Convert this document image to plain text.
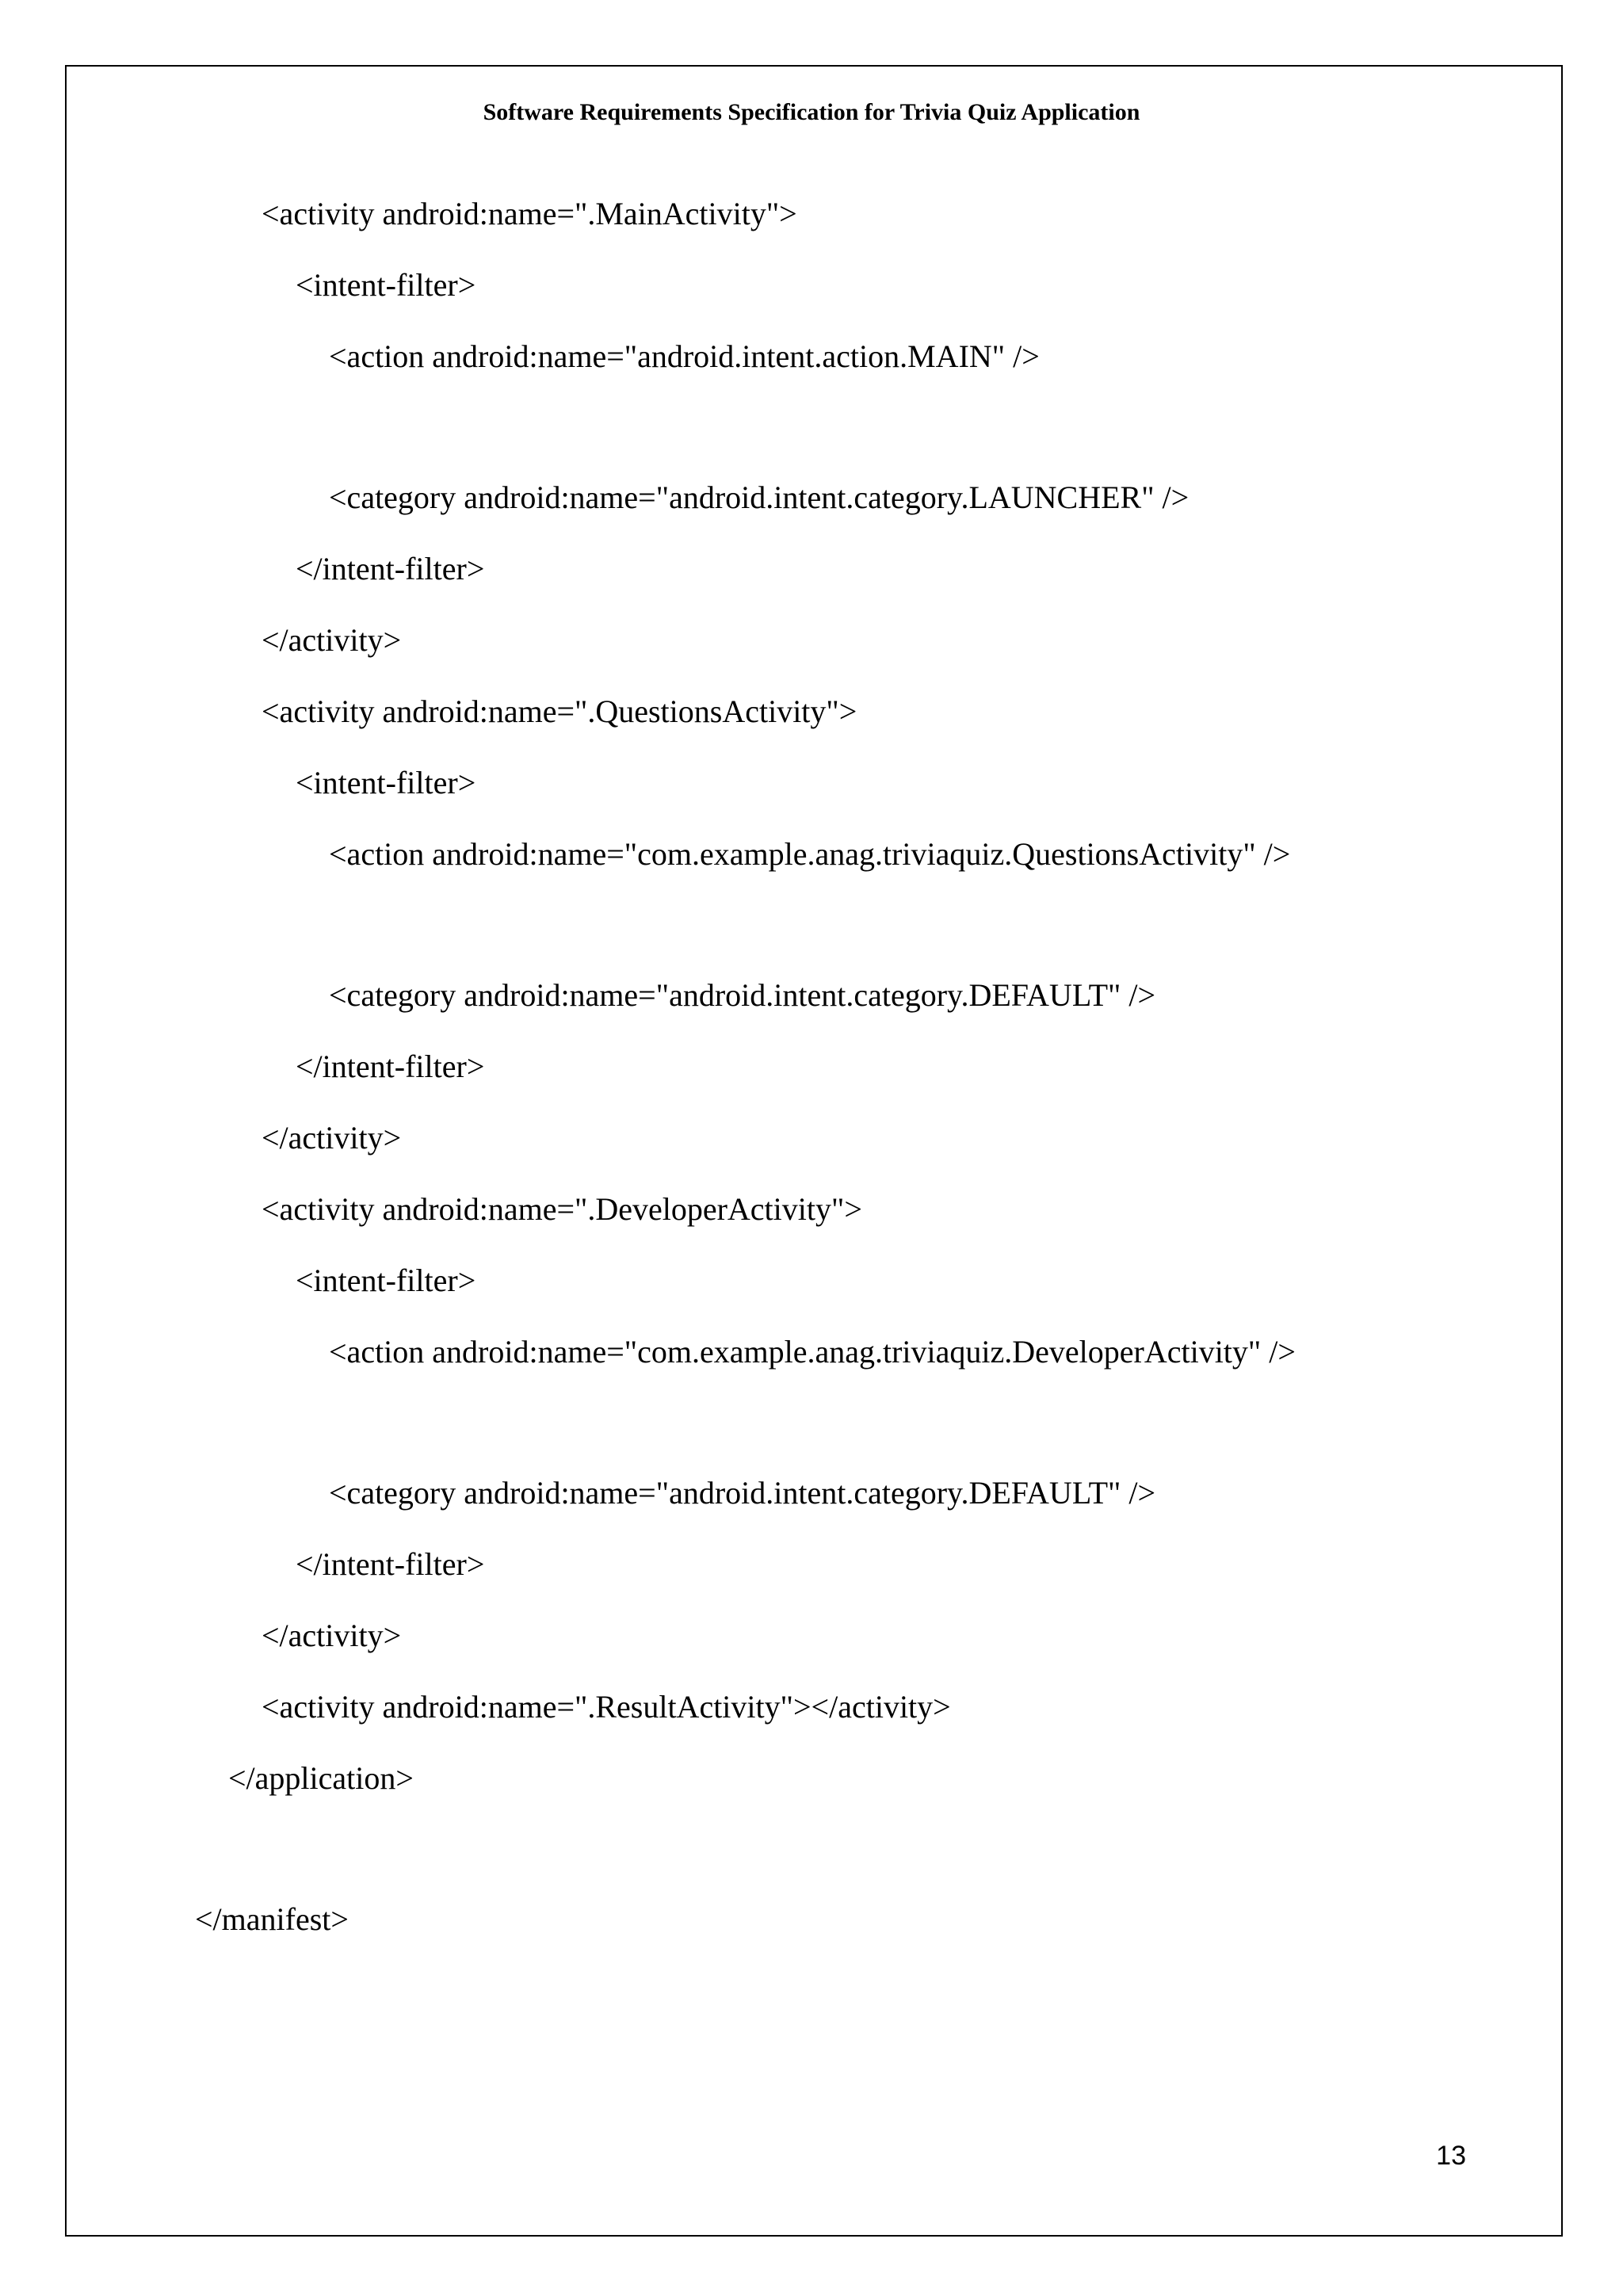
Software Requirements Specification for Trivia Quiz Application
<activity android:name=".MainActivity">
<intent-filter>
<action android:name="android.intent.action.MAIN" />
<category android:name="android.intent.category.LAUNCHER" />
</intent-filter>
</activity>
<activity android:name=".QuestionsActivity">
<intent-filter>
<action android:name="com.example.anag.triviaquiz.QuestionsActivity" />
<category android:name="android.intent.category.DEFAULT" />
</intent-filter>
</activity>
<activity android:name=".DeveloperActivity">
<intent-filter>
<action android:name="com.example.anag.triviaquiz.DeveloperActivity" />
<category android:name="android.intent.category.DEFAULT" />
</intent-filter>
</activity>
<activity android:name=".ResultActivity"></activity>
</application>
</manifest>
13
